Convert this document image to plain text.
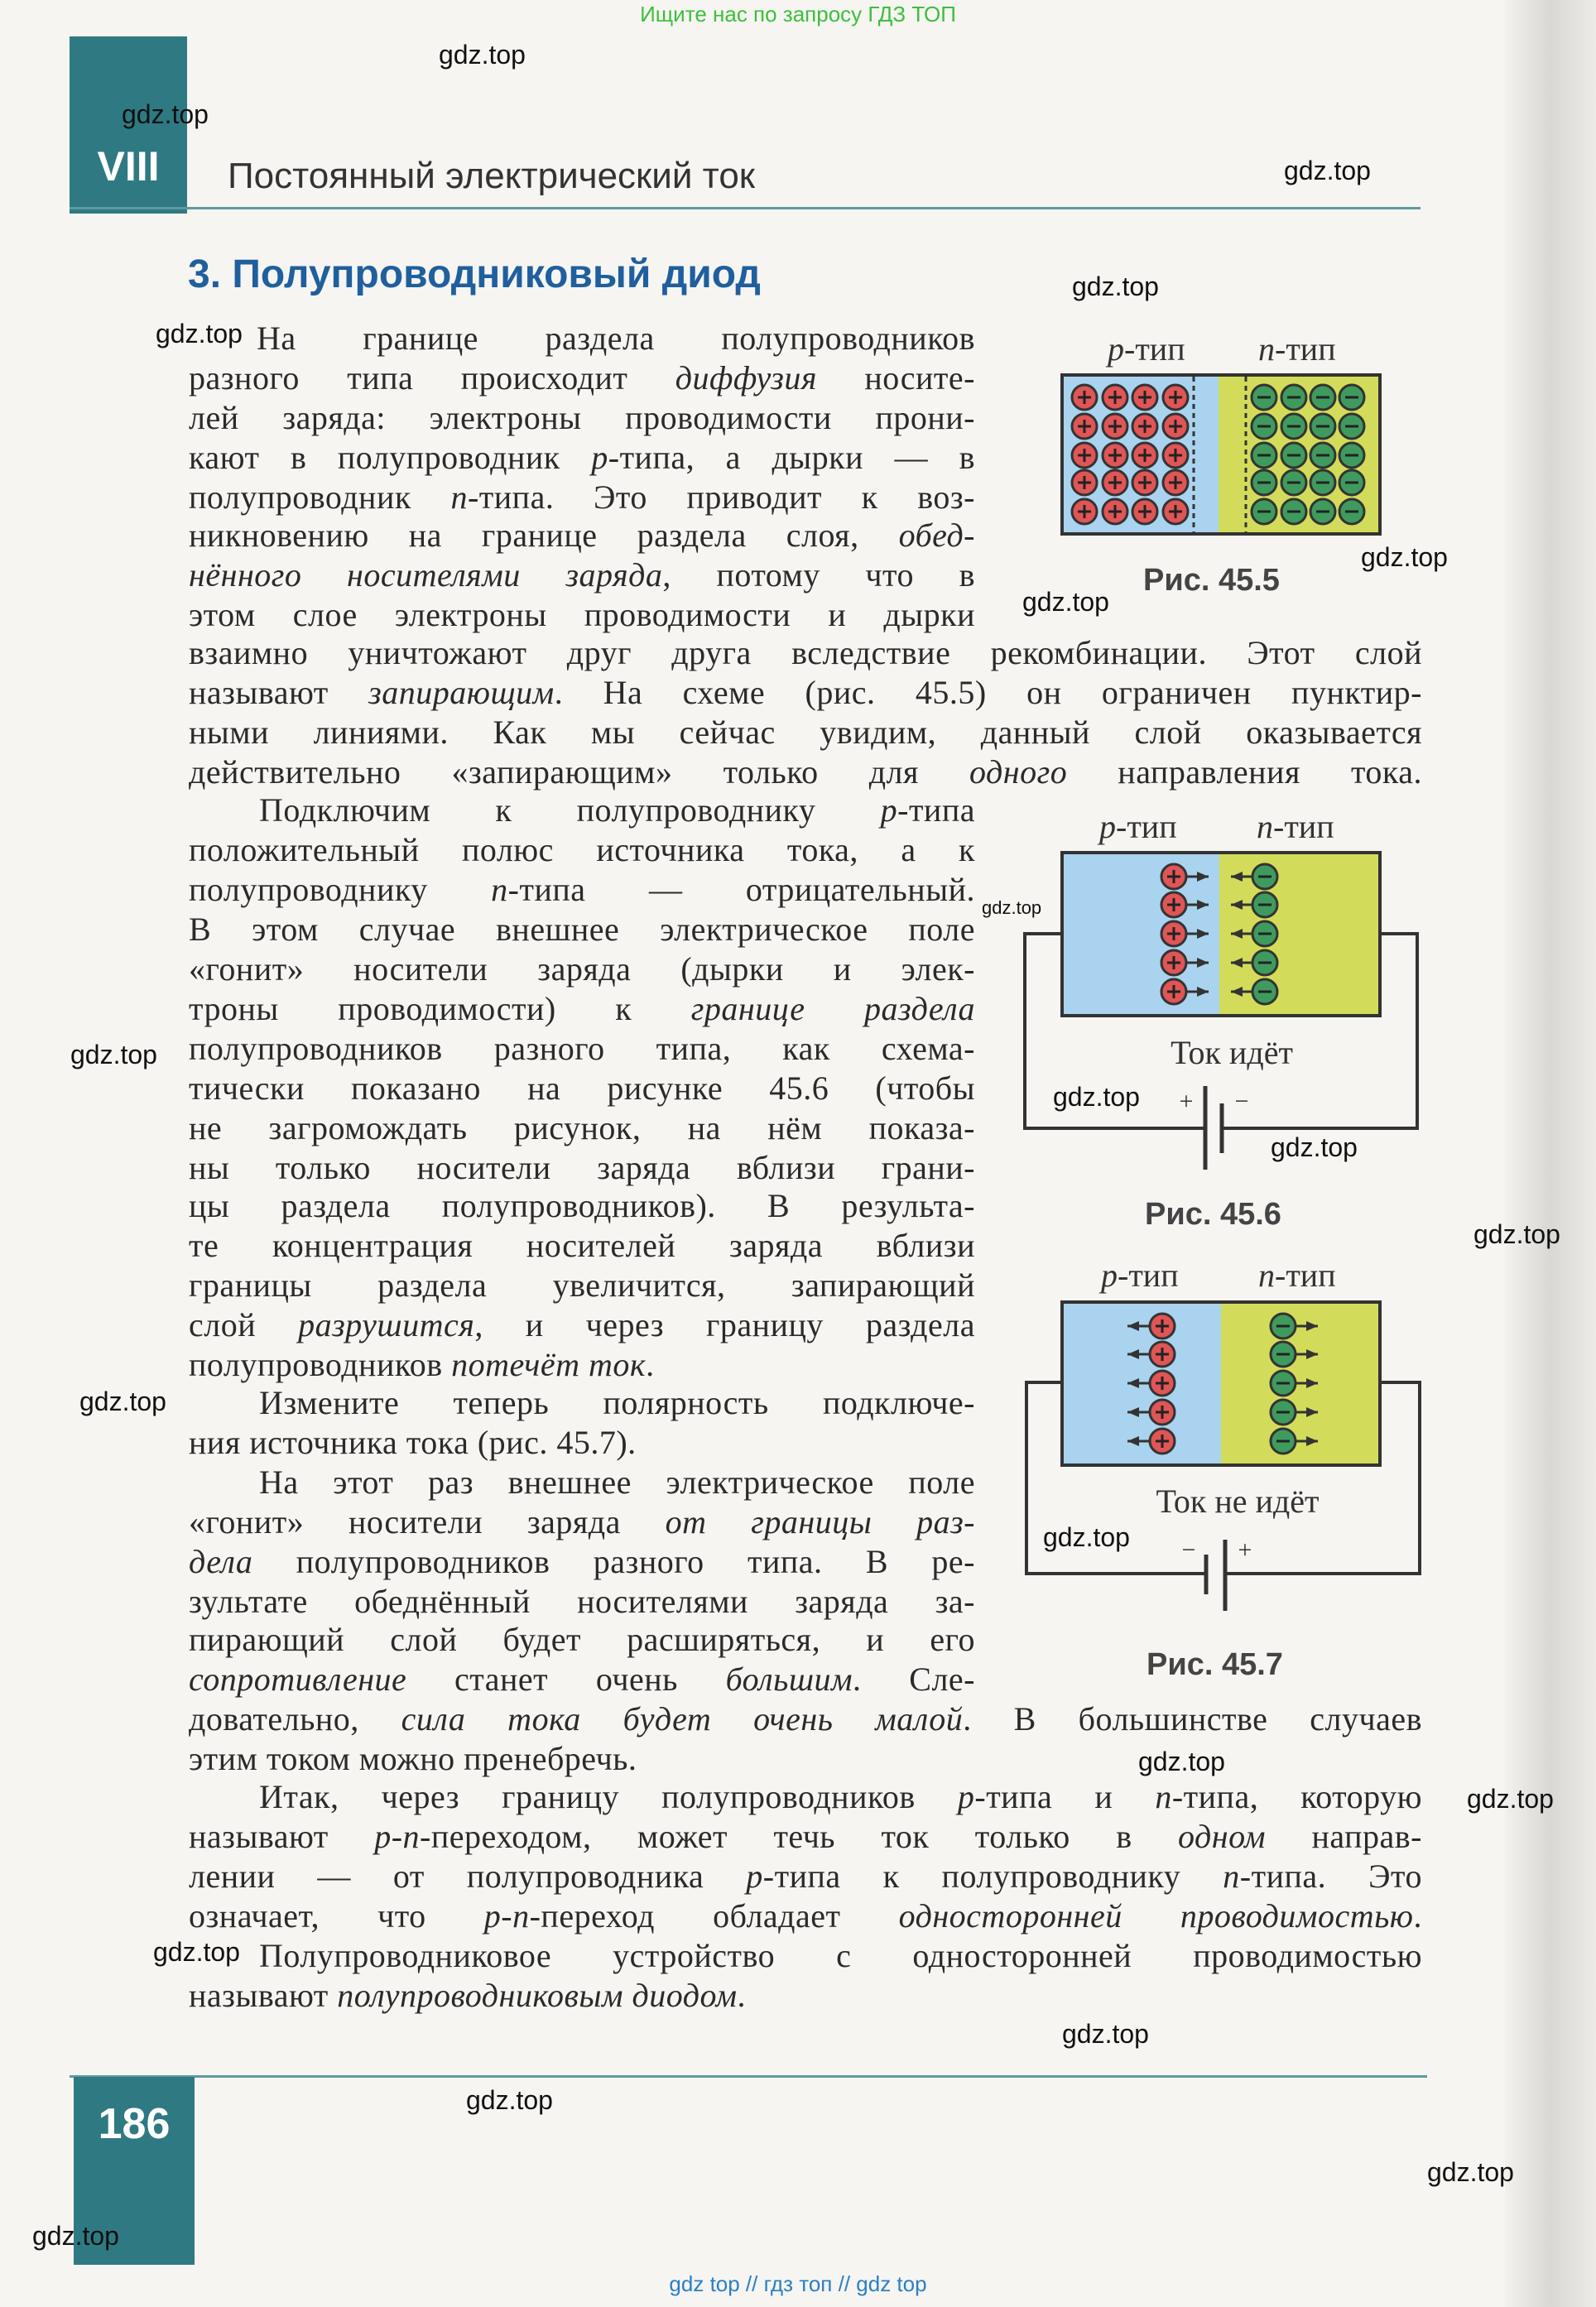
Ищите нас по запросу ГДЗ ТОП
VIII	Постоянный электрический ток
3. Полупроводниковый диод
На границе раздела полупроводников
разного типа происходит диффузия носите-
лей заряда: электроны проводимости прони-
кают в полупроводник p-типа, а дырки — в
полупроводник n-типа. Это приводит к воз-
никновению на границе раздела слоя, обед-
нённого носителями заряда, потому что в
этом слое электроны проводимости и дырки
взаимно уничтожают друг друга вследствие рекомбинации. Этот слой
называют запирающим. На схеме (рис. 45.5) он ограничен пунктир-
ными линиями. Как мы сейчас увидим, данный слой оказывается
действительно «запирающим» только для одного направления тока.
Подключим к полупроводнику p-типа
положительный полюс источника тока, а к
полупроводнику n-типа — отрицательный.
В этом случае внешнее электрическое поле
«гонит» носители заряда (дырки и элек-
троны проводимости) к границе раздела
полупроводников разного типа, как схема-
тически показано на рисунке 45.6 (чтобы
не загромождать рисунок, на нём показа-
ны только носители заряда вблизи грани-
цы раздела полупроводников). В результа-
те концентрация носителей заряда вблизи
границы раздела увеличится, запирающий
слой разрушится, и через границу раздела
полупроводников потечёт ток.
Измените теперь полярность подключе-
ния источника тока (рис. 45.7).
На этот раз внешнее электрическое поле
«гонит» носители заряда от границы раз-
дела полупроводников разного типа. В ре-
зультате обеднённый носителями заряда за-
пирающий слой будет расширяться, и его
сопротивление станет очень большим. Сле-
довательно, сила тока будет очень малой. В большинстве случаев
этим током можно пренебречь.
Итак, через границу полупроводников p-типа и n-типа, которую
называют p-n-переходом, может течь ток только в одном направ-
лении — от полупроводника p-типа к полупроводнику n-типа. Это
означает, что p-n-переход обладает односторонней проводимостью.
Полупроводниковое устройство с односторонней проводимостью
называют полупроводниковым диодом.
p-тип n-тип
Рис. 45.5
p-тип n-тип
Ток идёт
+ −
Рис. 45.6
p-тип n-тип
Ток не идёт
− +
Рис. 45.7
186
gdz top // гдз топ // gdz top
gdz.top
gdz.top
gdz.top
gdz.top
gdz.top
gdz.top
gdz.top
gdz.top
gdz.top
gdz.top
gdz.top
gdz.top
gdz.top
gdz.top
gdz.top
gdz.top
gdz.top
gdz.top
gdz.top
gdz.top
gdz.top
